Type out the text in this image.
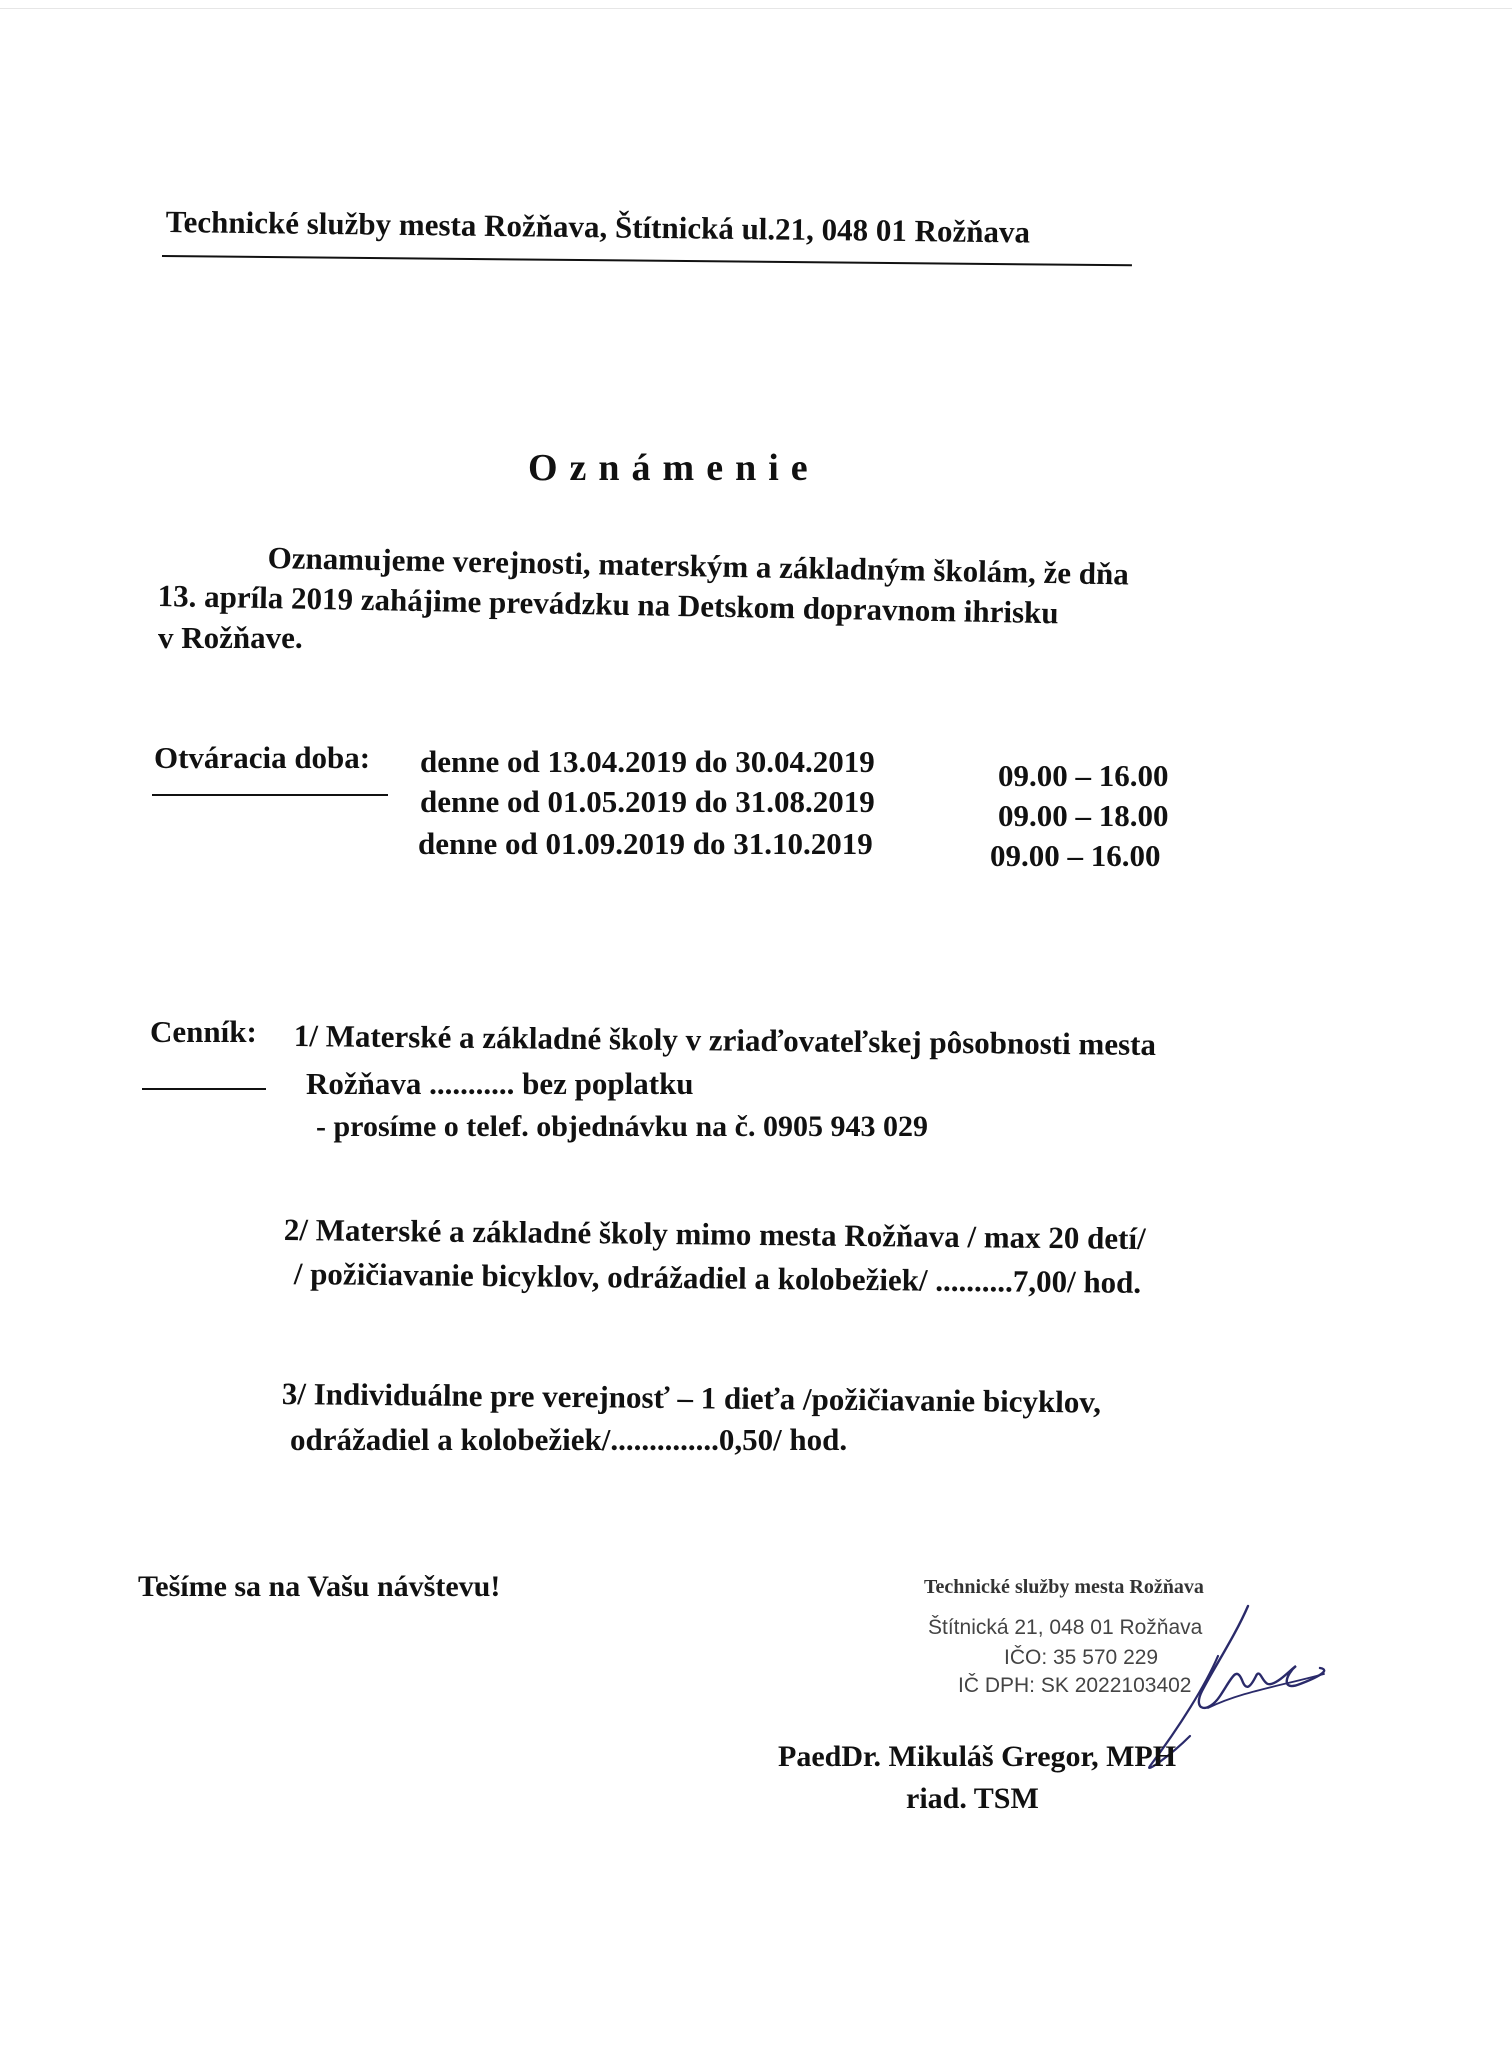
Technické služby mesta Rožňava, Štítnická ul.21, 048 01 Rožňava
Oznámenie
Oznamujeme verejnosti, materským a základným školám, že dňa
13. apríla 2019 zahájime prevádzku na Detskom dopravnom ihrisku
v Rožňave.
Otváracia doba: denne od 13.04.2019 do 30.04.2019	09.00 – 16.00
denne od 01.05.2019 do 31.08.2019	09.00 – 18.00
denne od 01.09.2019 do 31.10.2019	09.00 – 16.00
Cenník: 1/ Materské a základné školy v zriaďovateľskej pôsobnosti mesta
Rožňava ........... bez poplatku
- prosíme o telef. objednávku na č. 0905 943 029
2/ Materské a základné školy mimo mesta Rožňava / max 20 detí/
/ požičiavanie bicyklov, odrážadiel a kolobežiek/ ..........7,00/ hod.
3/ Individuálne pre verejnosť – 1 dieťa /požičiavanie bicyklov,
odrážadiel a kolobežiek/..............0,50/ hod.
Tešíme sa na Vašu návštevu!	Technické služby mesta Rožňava
Štítnická 21, 048 01 Rožňava
IČO: 35 570 229
IČ DPH: SK 2022103402
PaedDr. Mikuláš Gregor, MPH
riad. TSM
